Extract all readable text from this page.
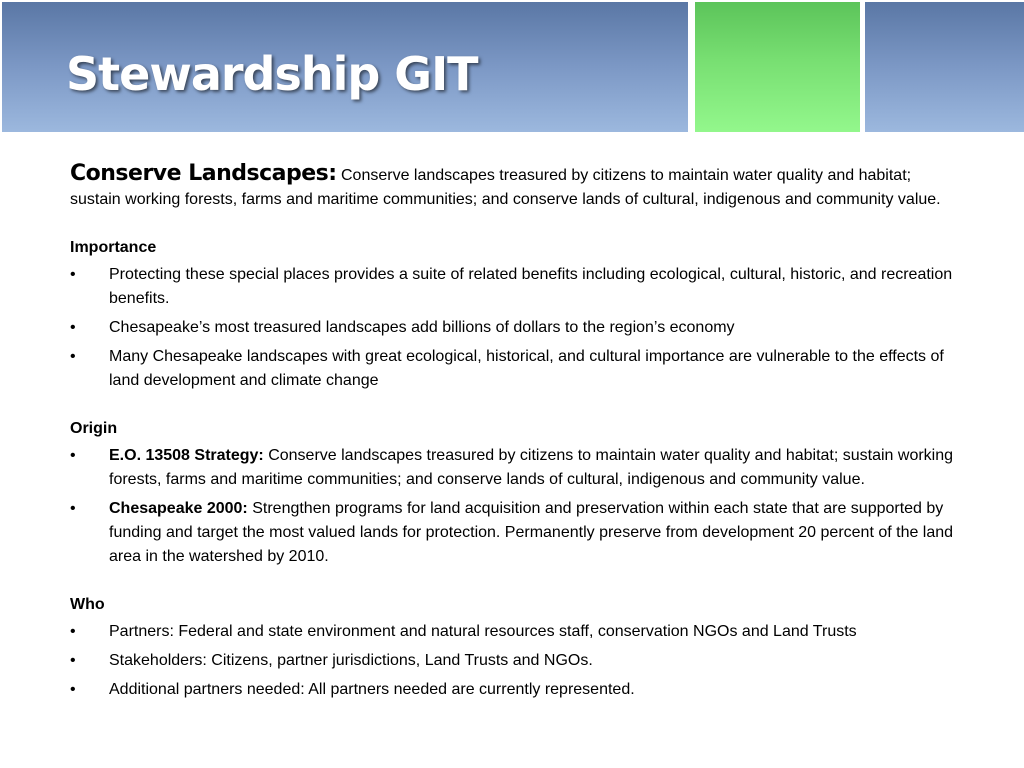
Stewardship GIT

Conserve Landscapes: Conserve landscapes treasured by citizens to maintain water quality and habitat; sustain working forests, farms and maritime communities; and conserve lands of cultural, indigenous and community value.

Importance
• Protecting these special places provides a suite of related benefits including ecological, cultural, historic, and recreation benefits.
• Chesapeake’s most treasured landscapes add billions of dollars to the region’s economy
• Many Chesapeake landscapes with great ecological, historical, and cultural importance are vulnerable to the effects of land development and climate change
Origin
• E.O. 13508 Strategy: Conserve landscapes treasured by citizens to maintain water quality and habitat; sustain working forests, farms and maritime communities; and conserve lands of cultural, indigenous and community value.
• Chesapeake 2000: Strengthen programs for land acquisition and preservation within each state that are supported by funding and target the most valued lands for protection. Permanently preserve from development 20 percent of the land area in the watershed by 2010.
Who
• Partners: Federal and state environment and natural resources staff, conservation NGOs and Land Trusts
• Stakeholders: Citizens, partner jurisdictions, Land Trusts and NGOs.
• Additional partners needed: All partners needed are currently represented.
